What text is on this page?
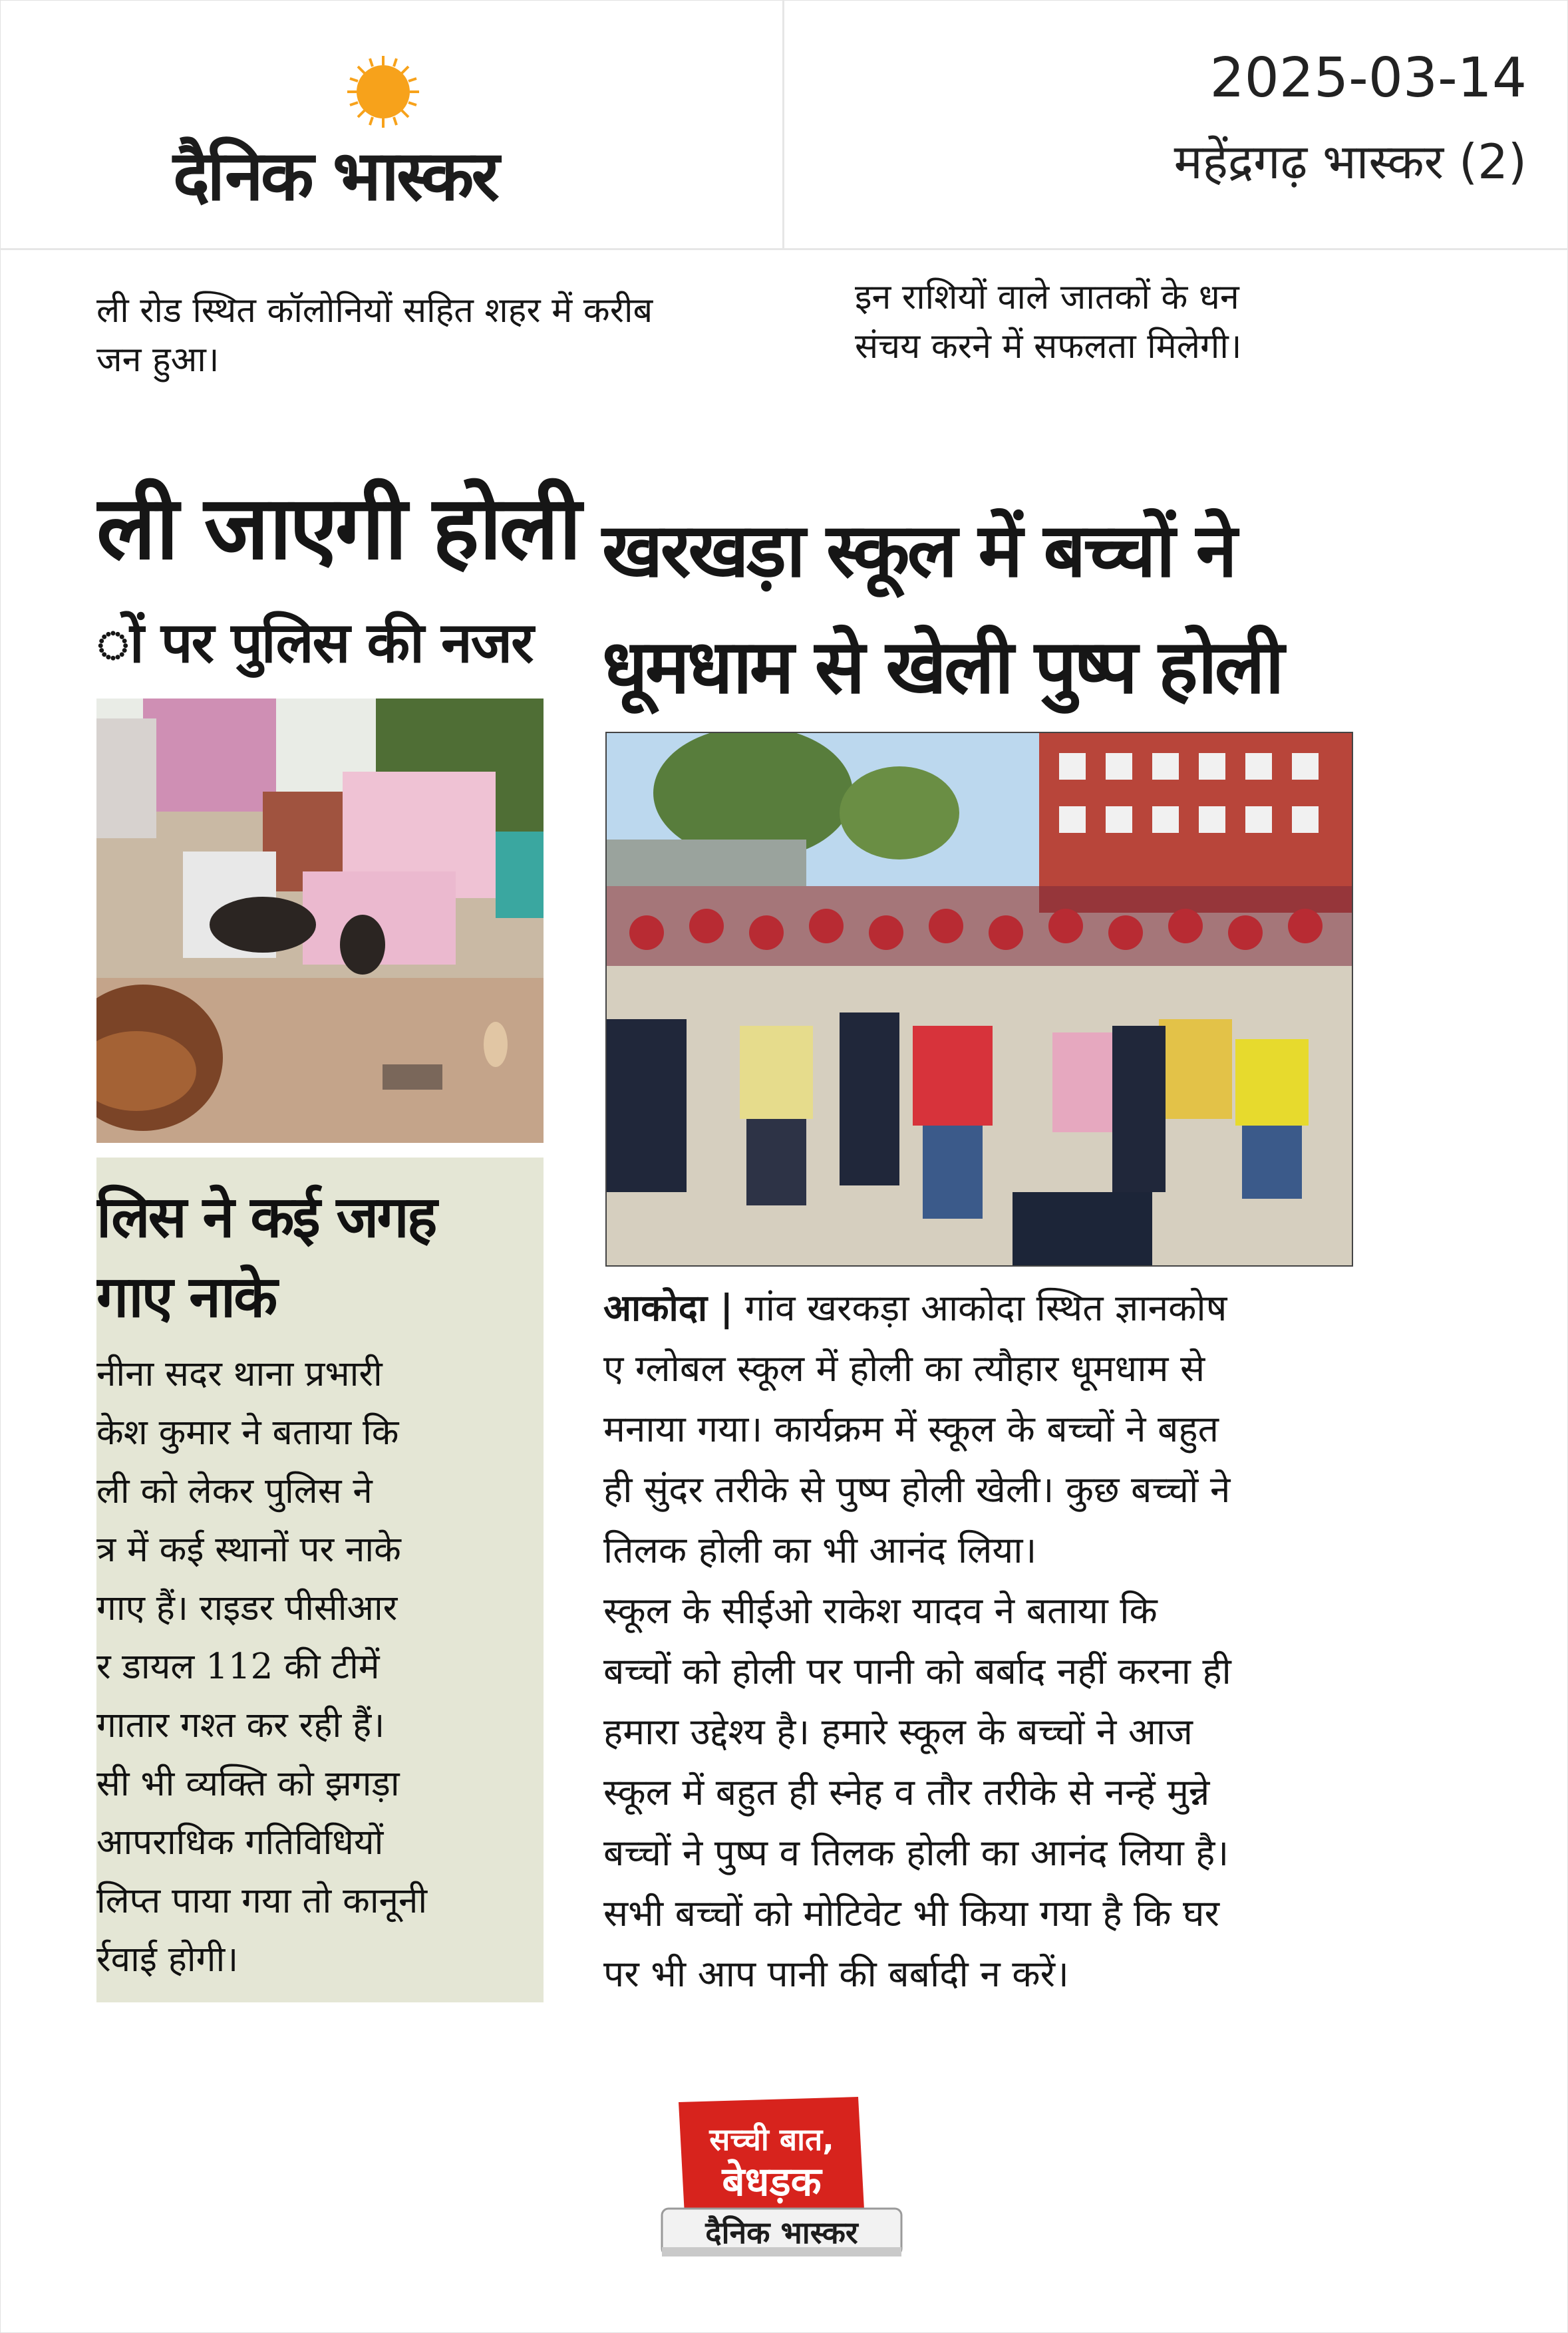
दैनिक भास्कर
2025-03-14
महेंद्रगढ़ भास्कर (2)
ली रोड स्थित कॉलोनियों सहित शहर में करीब
जन हुआ।
इन राशियों वाले जातकों के धन
संचय करने में सफलता मिलेगी।
ली जाएगी होली
ों पर पुलिस की नजर
लिस ने कई जगह
गाए नाके
नीना सदर थाना प्रभारी
केश कुमार ने बताया कि
ली को लेकर पुलिस ने
त्र में कई स्थानों पर नाके
गाए हैं। राइडर पीसीआर
र डायल 112 की टीमें
गातार गश्त कर रही हैं।
सी भी व्यक्ति को झगड़ा
आपराधिक गतिविधियों
लिप्त पाया गया तो कानूनी
र्रवाई होगी।
खरखड़ा स्कूल में बच्चों ने
धूमधाम से खेली पुष्प होली
आकोदा | गांव खरकड़ा आकोदा स्थित ज्ञानकोष
ए ग्लोबल स्कूल में होली का त्यौहार धूमधाम से
मनाया गया। कार्यक्रम में स्कूल के बच्चों ने बहुत
ही सुंदर तरीके से पुष्प होली खेली। कुछ बच्चों ने
तिलक होली का भी आनंद लिया।
स्कूल के सीईओ राकेश यादव ने बताया कि
बच्चों को होली पर पानी को बर्बाद नहीं करना ही
हमारा उद्देश्य है। हमारे स्कूल के बच्चों ने आज
स्कूल में बहुत ही स्नेह व तौर तरीके से नन्हें मुन्ने
बच्चों ने पुष्प व तिलक होली का आनंद लिया है।
सभी बच्चों को मोटिवेट भी किया गया है कि घर
पर भी आप पानी की बर्बादी न करें।
सच्ची बात,
बेधड़क
दैनिक भास्कर
